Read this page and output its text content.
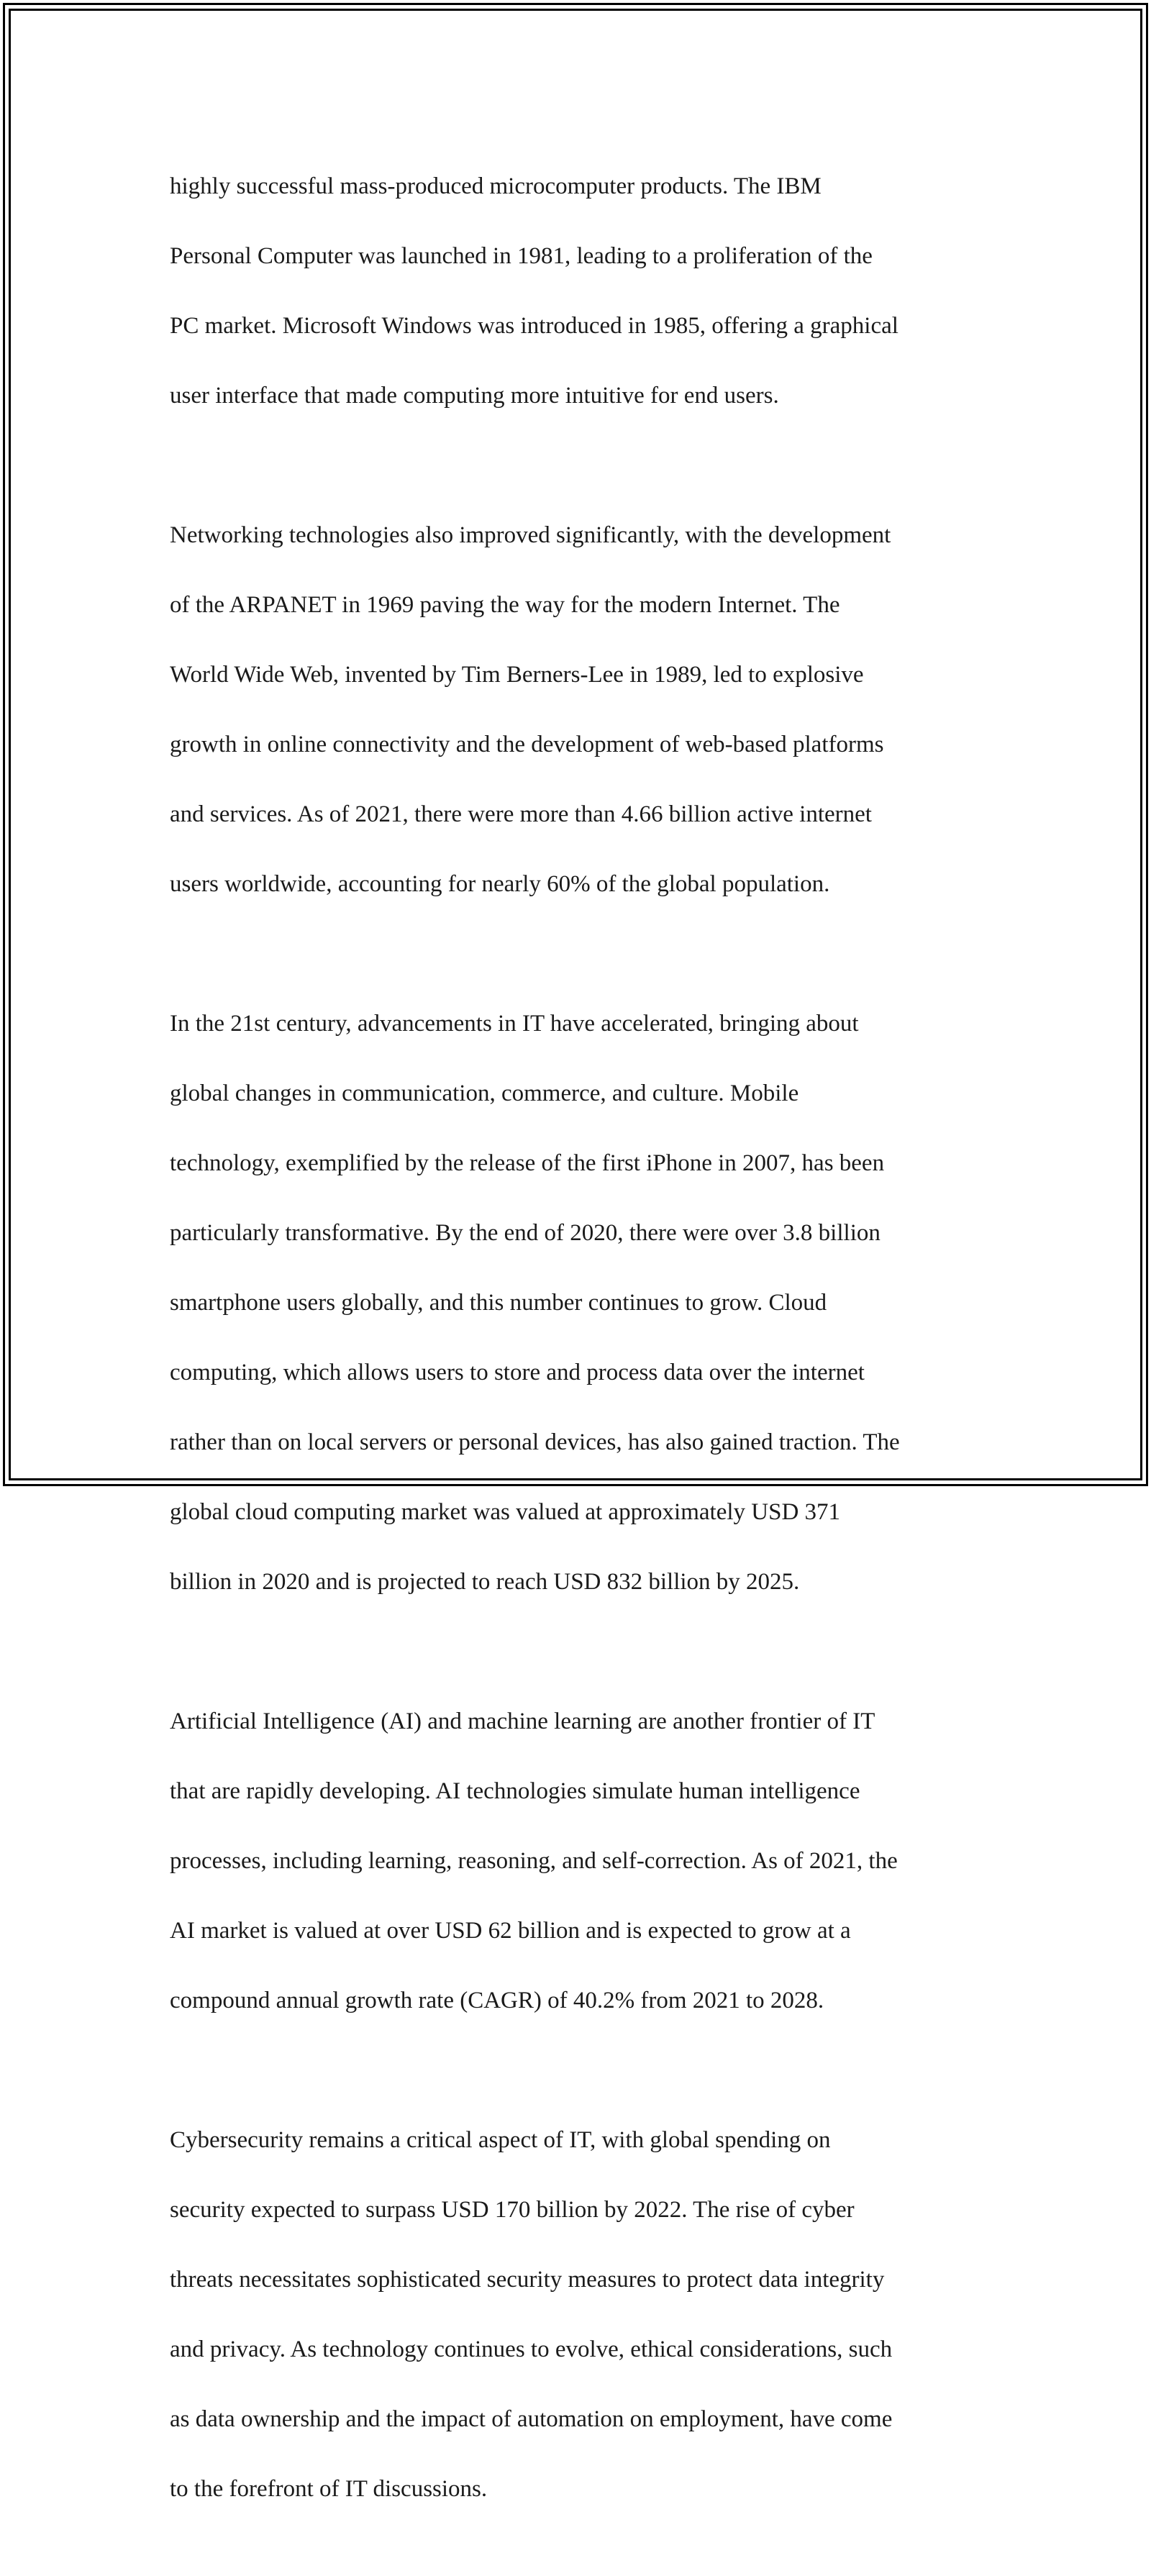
highly successful mass-produced microcomputer products. The IBM

Personal Computer was launched in 1981, leading to a proliferation of the

PC market. Microsoft Windows was introduced in 1985, offering a graphical

user interface that made computing more intuitive for end users.

Networking technologies also improved significantly, with the development

of the ARPANET in 1969 paving the way for the modern Internet. The

World Wide Web, invented by Tim Berners-Lee in 1989, led to explosive

growth in online connectivity and the development of web-based platforms

and services. As of 2021, there were more than 4.66 billion active internet

users worldwide, accounting for nearly 60% of the global population.

In the 21st century, advancements in IT have accelerated, bringing about

global changes in communication, commerce, and culture. Mobile

technology, exemplified by the release of the first iPhone in 2007, has been

particularly transformative. By the end of 2020, there were over 3.8 billion

smartphone users globally, and this number continues to grow. Cloud

computing, which allows users to store and process data over the internet

rather than on local servers or personal devices, has also gained traction. The

global cloud computing market was valued at approximately USD 371

billion in 2020 and is projected to reach USD 832 billion by 2025.

Artificial Intelligence (AI) and machine learning are another frontier of IT

that are rapidly developing. AI technologies simulate human intelligence

processes, including learning, reasoning, and self-correction. As of 2021, the

AI market is valued at over USD 62 billion and is expected to grow at a

compound annual growth rate (CAGR) of 40.2% from 2021 to 2028.

Cybersecurity remains a critical aspect of IT, with global spending on

security expected to surpass USD 170 billion by 2022. The rise of cyber

threats necessitates sophisticated security measures to protect data integrity

and privacy. As technology continues to evolve, ethical considerations, such

as data ownership and the impact of automation on employment, have come

to the forefront of IT discussions.
